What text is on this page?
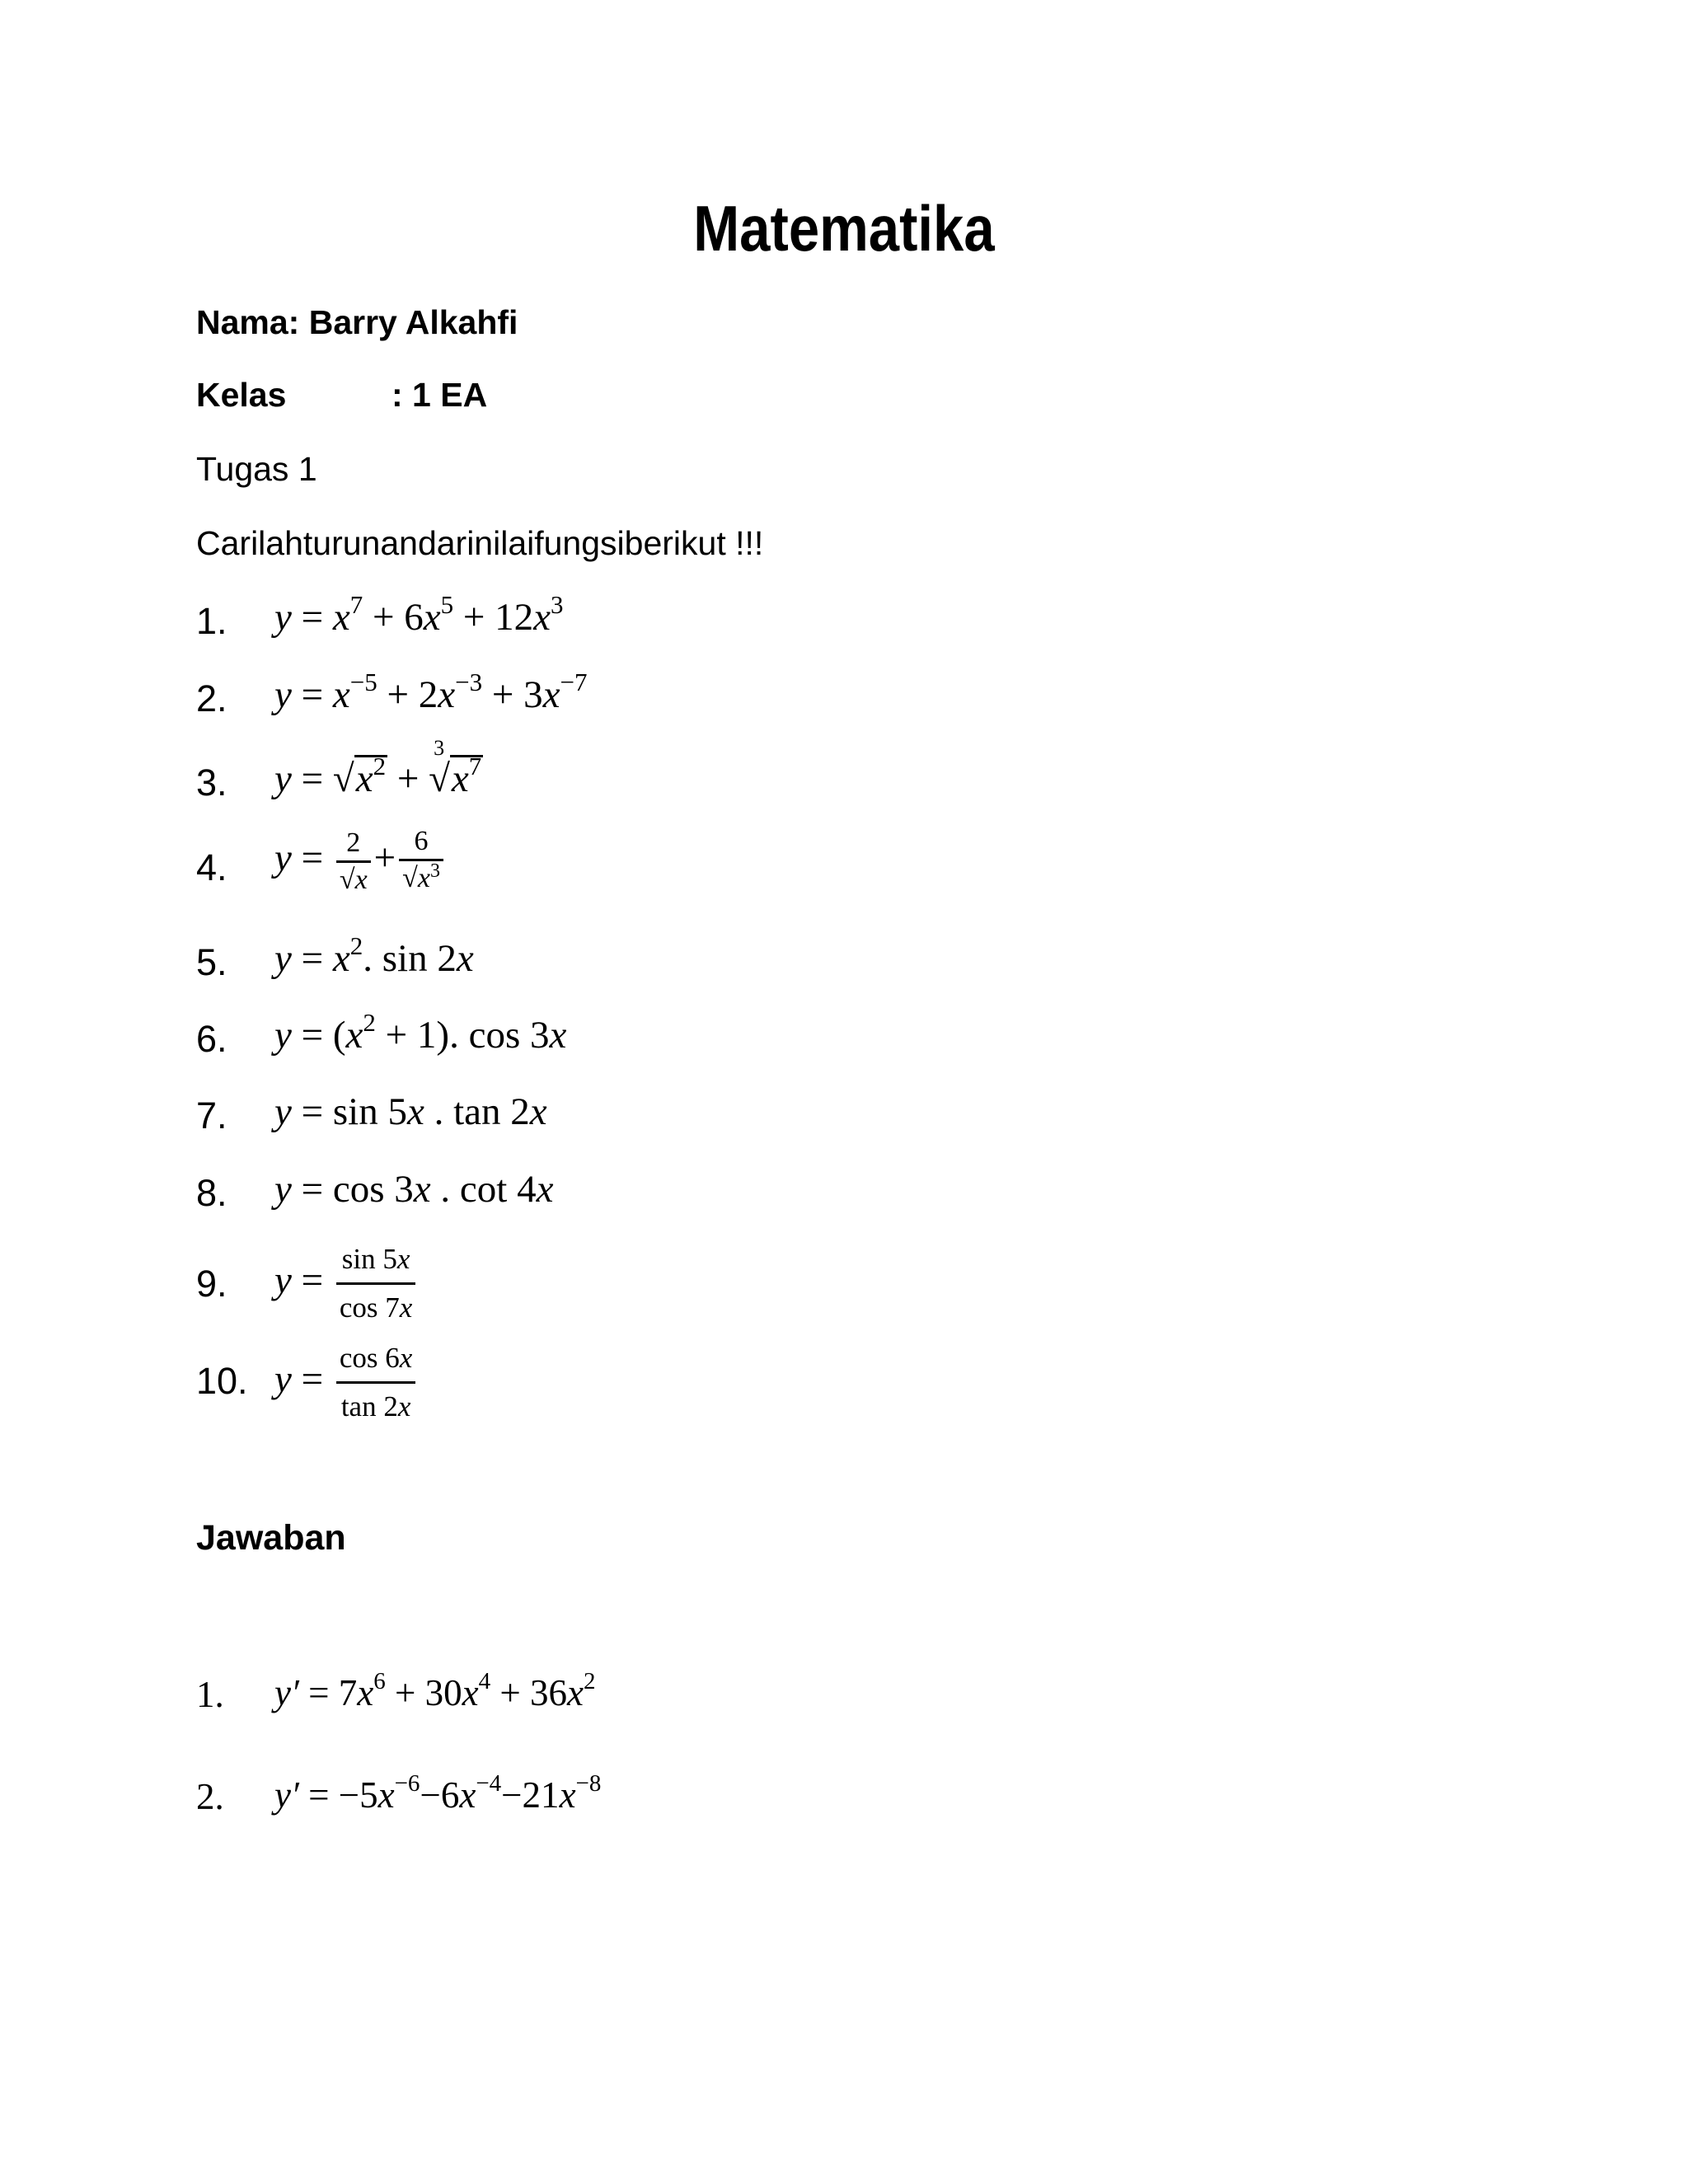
Matematika
Nama: Barry Alkahfi
Kelas	: 1 EA
Tugas 1
Carilahturunandarinilaifungsiberikut !!!
1. $y = x^7 + 6x^5 + 12x^3$
2. $y = x^{-5} + 2x^{-3} + 3x^{-7}$
3. $y = √x^2$ +
3
$√x^7$
4. $y = \frac{2}{√x} + \frac{6}{√x^3}$
5. $y = x^2$. sin 2x
6. $y = (x^2 + 1)$. cos 3x
7. y = sin 5x . tan 2x
8. y = cos 3x . cot 4x
9. $y = \frac{\sin 5x}{\cos 7x}$
10. $y = \frac{\cos 6x}{\tan 2x}$
Jawaban
1. $y' = 7x^6 + 30x^4 + 36x^2$
2. $y' = -5x^{-6}-6x^{-4}-21x^{-8}$
